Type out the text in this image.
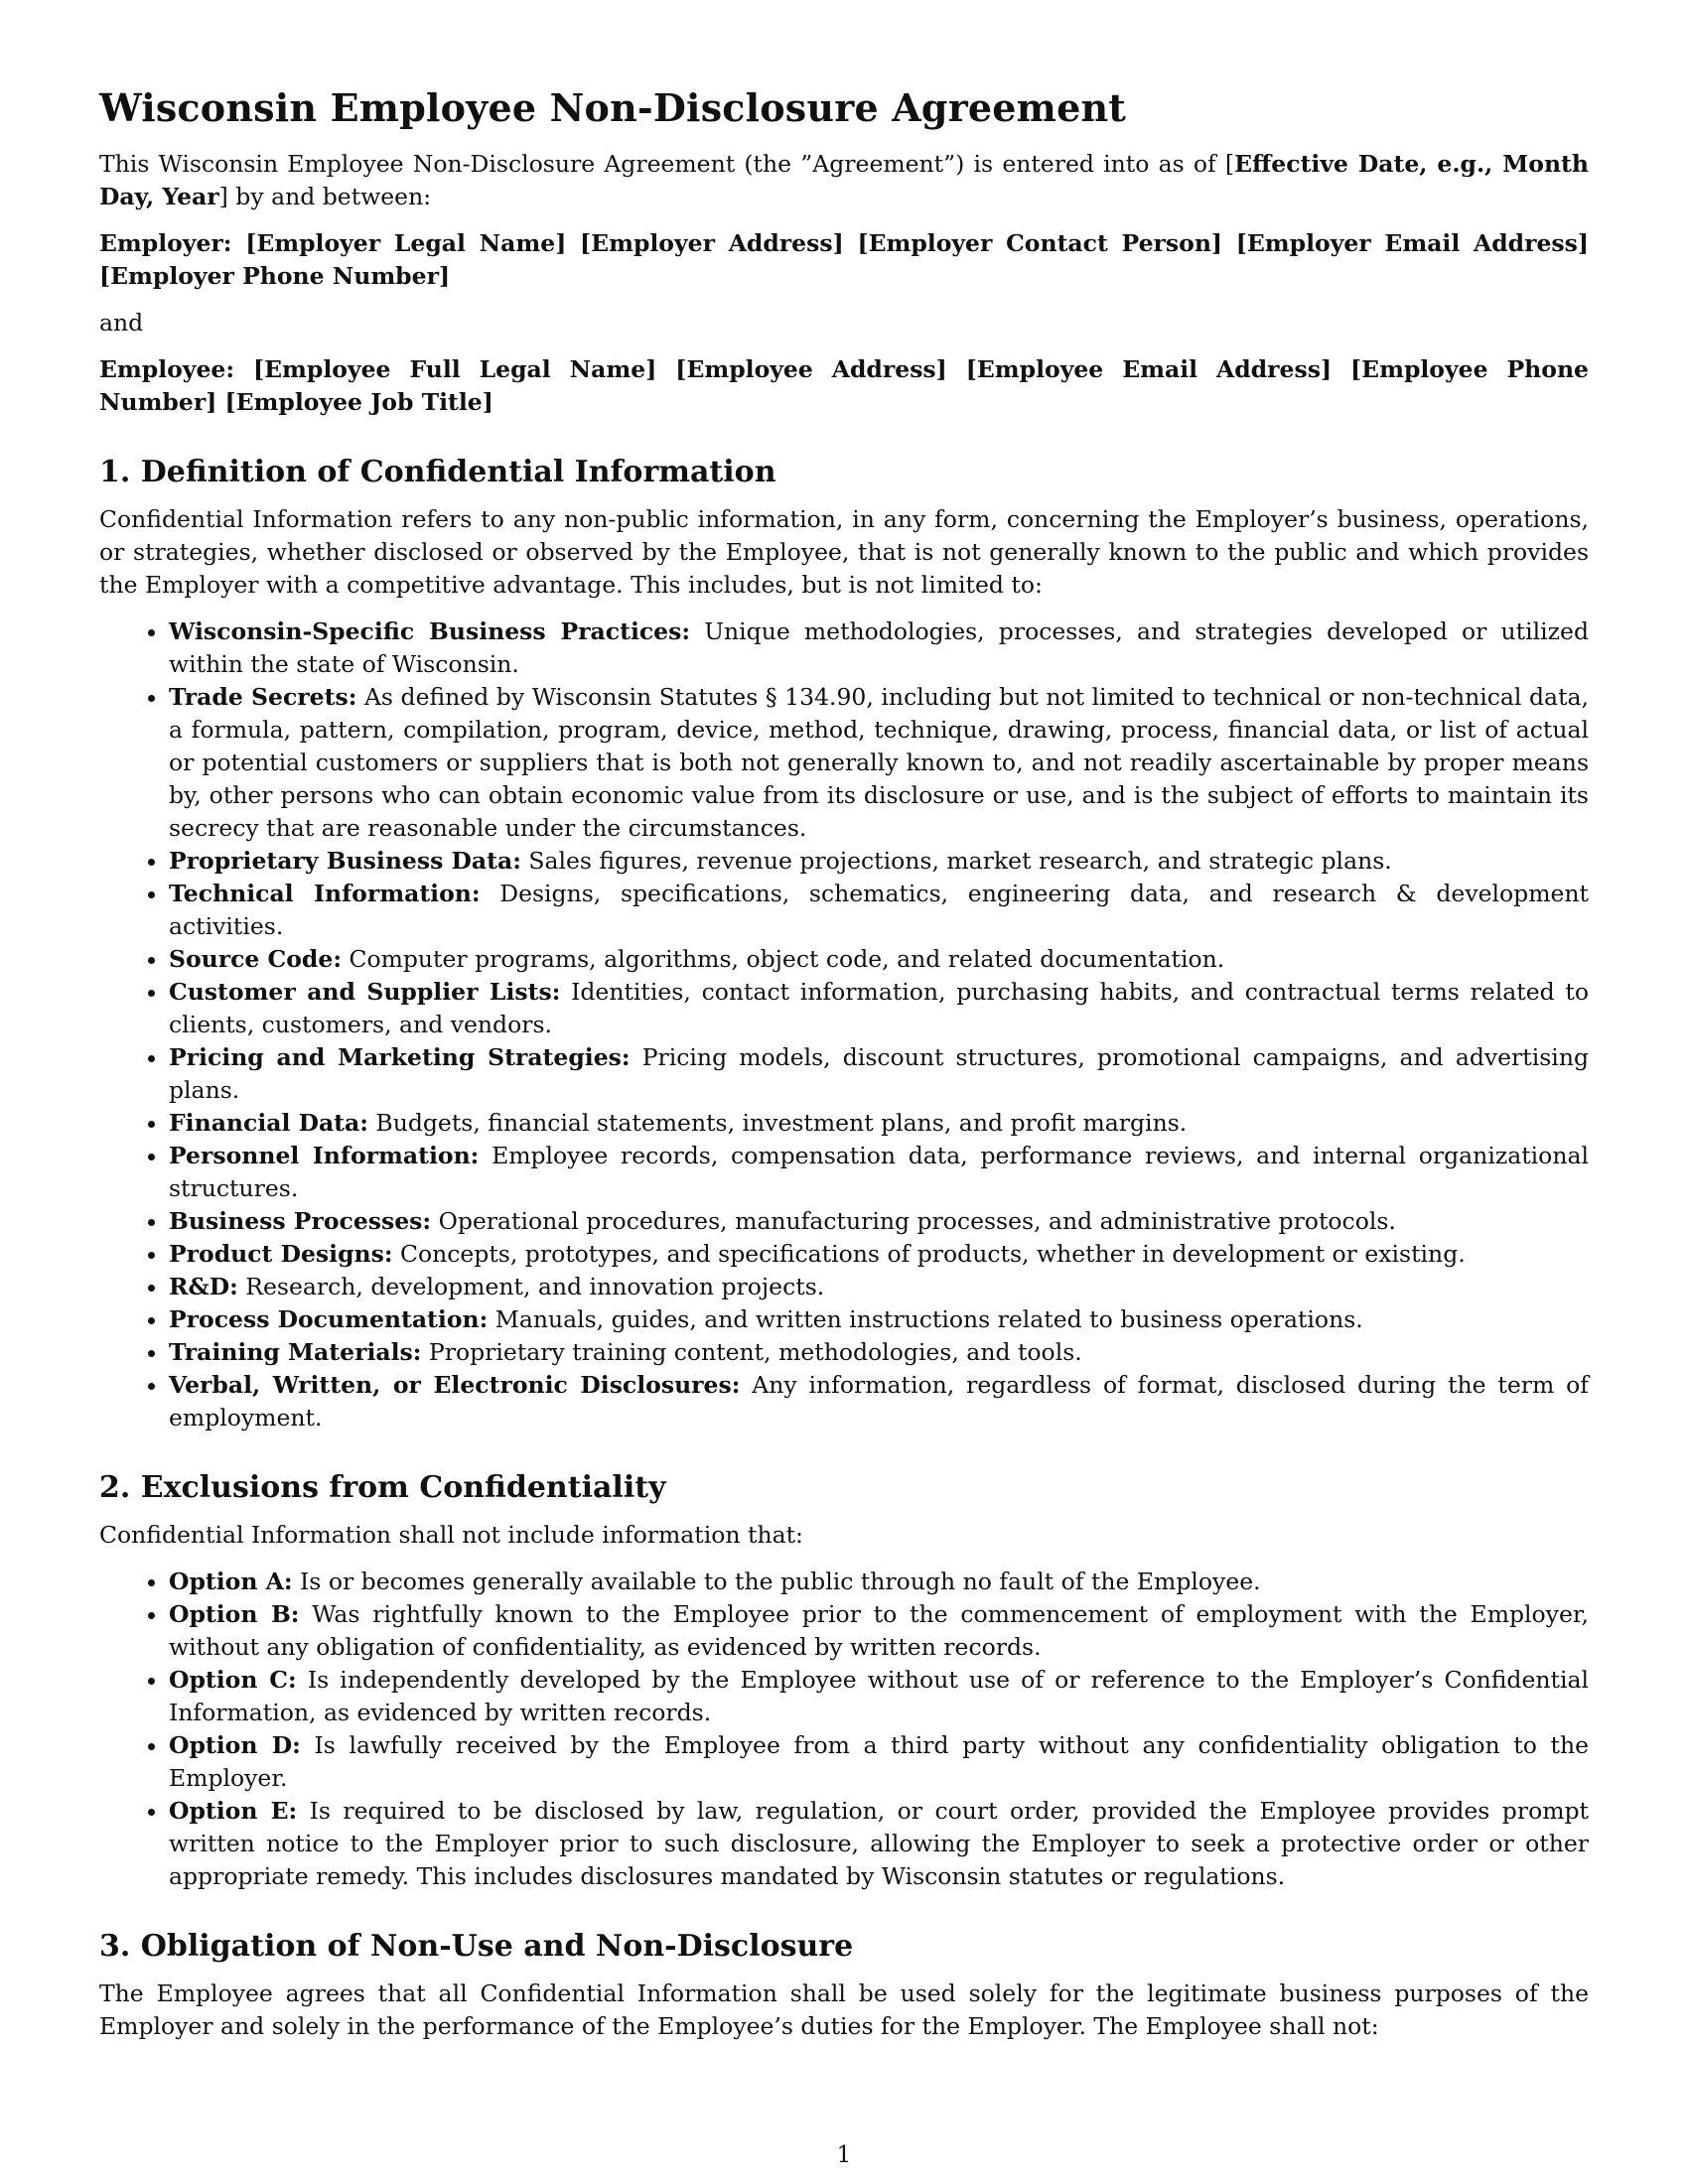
Wisconsin Employee Non-Disclosure Agreement

This Wisconsin Employee Non-Disclosure Agreement (the ”Agreement”) is entered into as of [Effective Date, e.g., Month Day, Year] by and between:

Employer: [Employer Legal Name] [Employer Address] [Employer Contact Person] [Employer Email Address] [Employer Phone Number]

and

Employee: [Employee Full Legal Name] [Employee Address] [Employee Email Address] [Employee Phone Number] [Employee Job Title]

1. Definition of Confidential Information

Confidential Information refers to any non-public information, in any form, concerning the Employer’s business, operations, or strategies, whether disclosed or observed by the Employee, that is not generally known to the public and which provides the Employer with a competitive advantage. This includes, but is not limited to:

• Wisconsin-Specific Business Practices: Unique methodologies, processes, and strategies developed or utilized within the state of Wisconsin.
• Trade Secrets: As defined by Wisconsin Statutes § 134.90, including but not limited to technical or non-technical data, a formula, pattern, compilation, program, device, method, technique, drawing, process, financial data, or list of actual or potential customers or suppliers that is both not generally known to, and not readily ascertainable by proper means by, other persons who can obtain economic value from its disclosure or use, and is the subject of efforts to maintain its secrecy that are reasonable under the circumstances.
• Proprietary Business Data: Sales figures, revenue projections, market research, and strategic plans.
• Technical Information: Designs, specifications, schematics, engineering data, and research & development activities.
• Source Code: Computer programs, algorithms, object code, and related documentation.
• Customer and Supplier Lists: Identities, contact information, purchasing habits, and contractual terms related to clients, customers, and vendors.
• Pricing and Marketing Strategies: Pricing models, discount structures, promotional campaigns, and advertising plans.
• Financial Data: Budgets, financial statements, investment plans, and profit margins.
• Personnel Information: Employee records, compensation data, performance reviews, and internal organizational structures.
• Business Processes: Operational procedures, manufacturing processes, and administrative protocols.
• Product Designs: Concepts, prototypes, and specifications of products, whether in development or existing.
• R&D: Research, development, and innovation projects.
• Process Documentation: Manuals, guides, and written instructions related to business operations.
• Training Materials: Proprietary training content, methodologies, and tools.
• Verbal, Written, or Electronic Disclosures: Any information, regardless of format, disclosed during the term of employment.
2. Exclusions from Confidentiality

Confidential Information shall not include information that:

• Option A: Is or becomes generally available to the public through no fault of the Employee.
• Option B: Was rightfully known to the Employee prior to the commencement of employment with the Employer, without any obligation of confidentiality, as evidenced by written records.
• Option C: Is independently developed by the Employee without use of or reference to the Employer’s Confidential Information, as evidenced by written records.
• Option D: Is lawfully received by the Employee from a third party without any confidentiality obligation to the Employer.
• Option E: Is required to be disclosed by law, regulation, or court order, provided the Employee provides prompt written notice to the Employer prior to such disclosure, allowing the Employer to seek a protective order or other appropriate remedy. This includes disclosures mandated by Wisconsin statutes or regulations.
3. Obligation of Non-Use and Non-Disclosure

The Employee agrees that all Confidential Information shall be used solely for the legitimate business purposes of the Employer and solely in the performance of the Employee’s duties for the Employer. The Employee shall not:

1
